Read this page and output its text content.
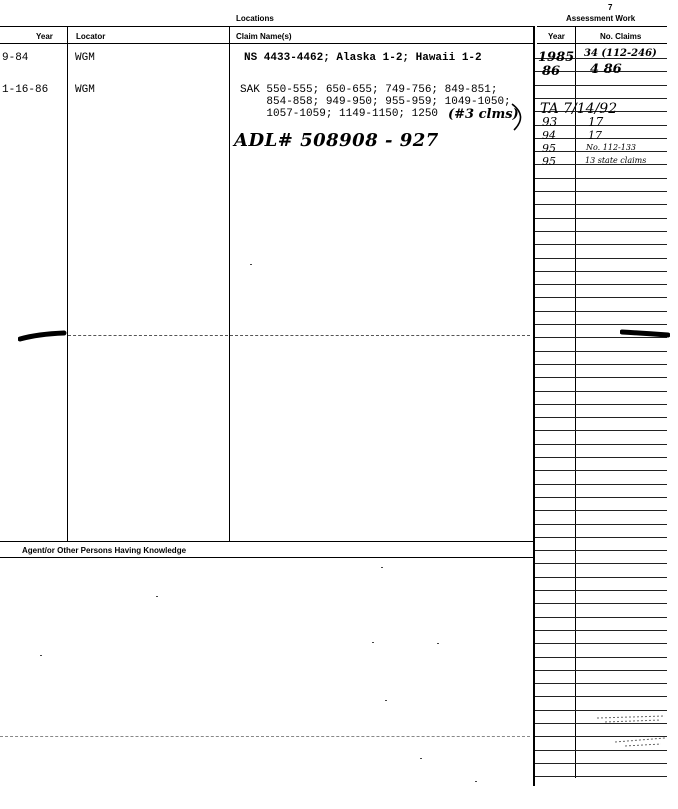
Locations
7
Assessment Work
Year	Locator	Claim Name(s)	Year	No. Claims
9-84	WGM	NS 4433-4462; Alaska 1-2; Hawaii 1-2
1-16-86 WGM	SAK 550-555; 650-655; 749-756; 849-851;
854-858; 949-950; 955-959; 1049-1050;
1057-1059; 1149-1150; 1250 (#3 clms)
ADL# 508908 - 927
1985 34 (112-246)
86 4 86
TA 7/14/92
93	17
94	17
95	No. 112-133
95	13 state claims
Agent/or Other Persons Having Knowledge
